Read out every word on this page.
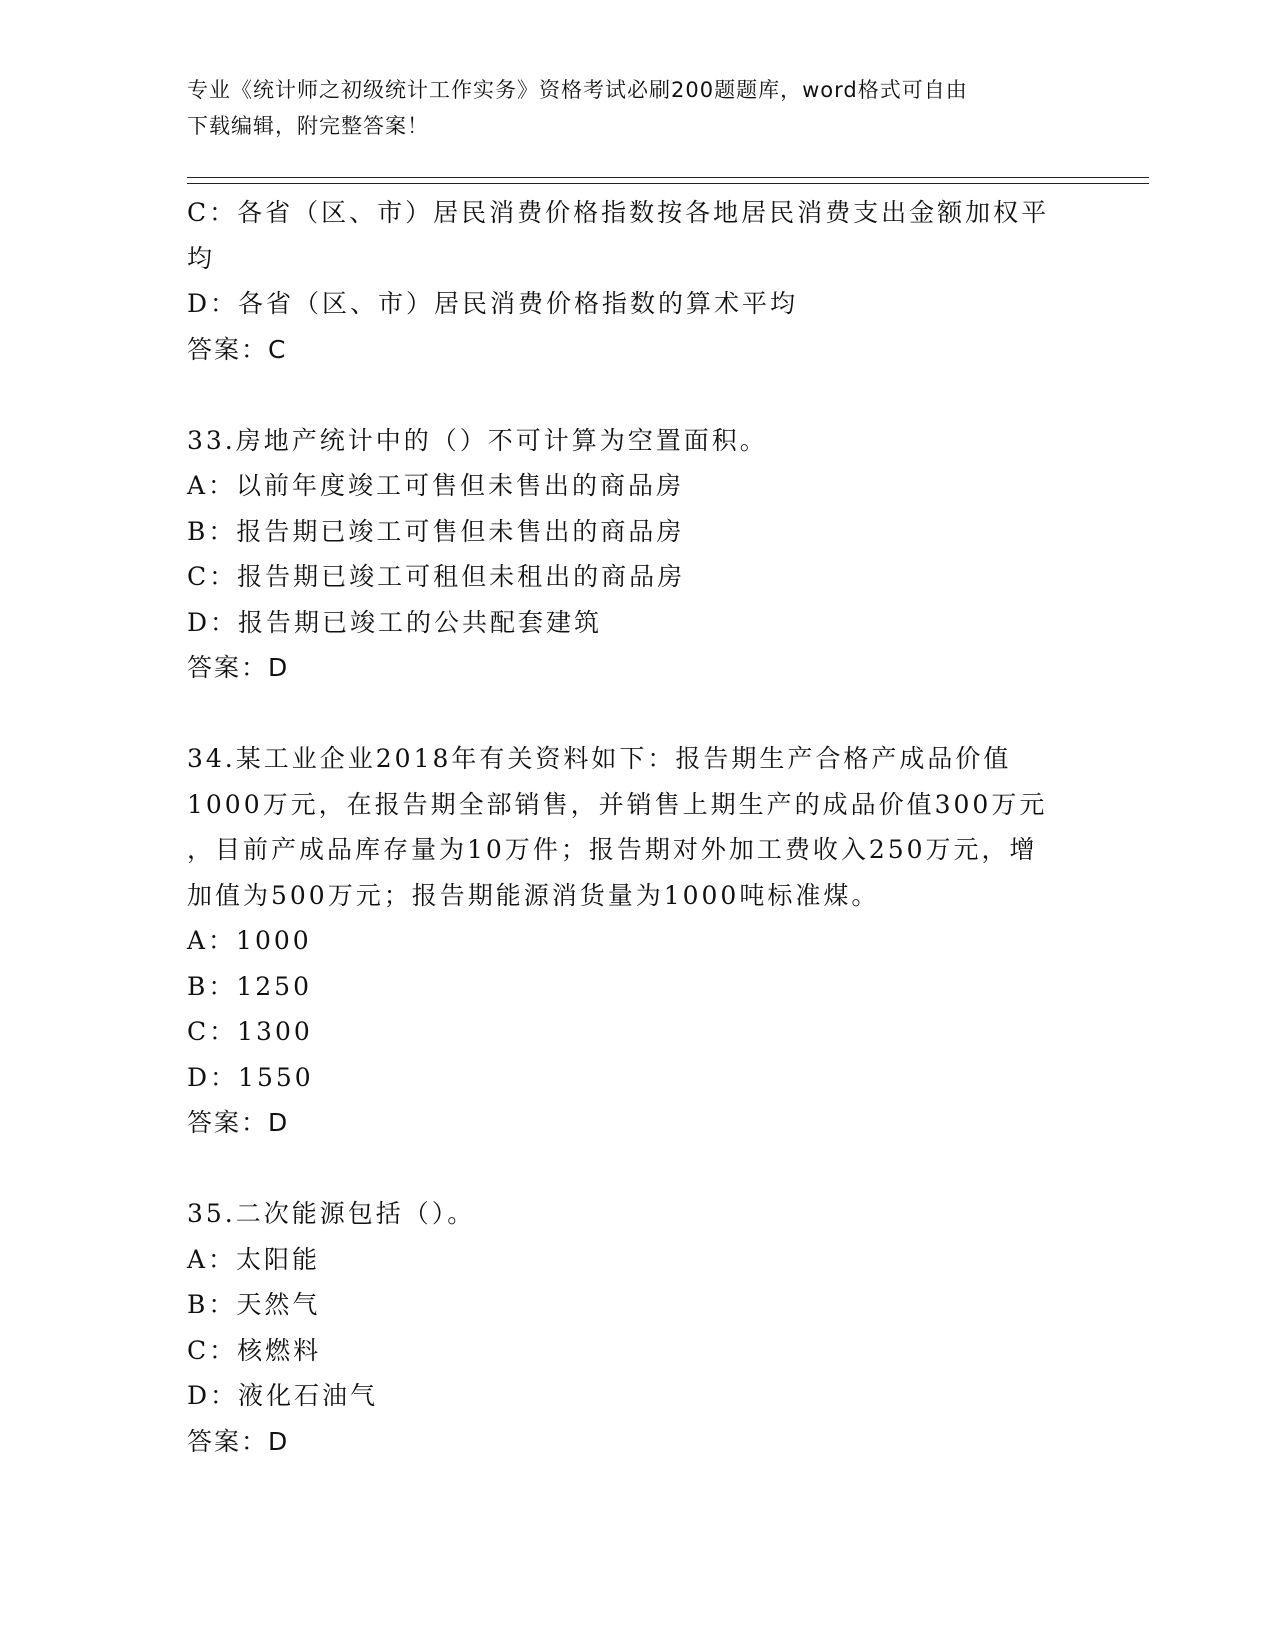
专业《统计师之初级统计工作实务》资格考试必刷200题题库，word格式可自由
下载编辑，附完整答案！

C：各省（区、市）居民消费价格指数按各地居民消费支出金额加权平

均

D：各省（区、市）居民消费价格指数的算术平均

答案：C

33.房地产统计中的（）不可计算为空置面积。

A：以前年度竣工可售但未售出的商品房

B：报告期已竣工可售但未售出的商品房

C：报告期已竣工可租但未租出的商品房

D：报告期已竣工的公共配套建筑

答案：D

34.某工业企业2018年有关资料如下：报告期生产合格产成品价值

1000万元，在报告期全部销售，并销售上期生产的成品价值300万元

，目前产成品库存量为10万件；报告期对外加工费收入250万元，增

加值为500万元；报告期能源消货量为1000吨标准煤。

A：1000

B：1250

C：1300

D：1550

答案：D

35.二次能源包括（）。

A：太阳能

B：天然气

C：核燃料

D：液化石油气

答案：D
